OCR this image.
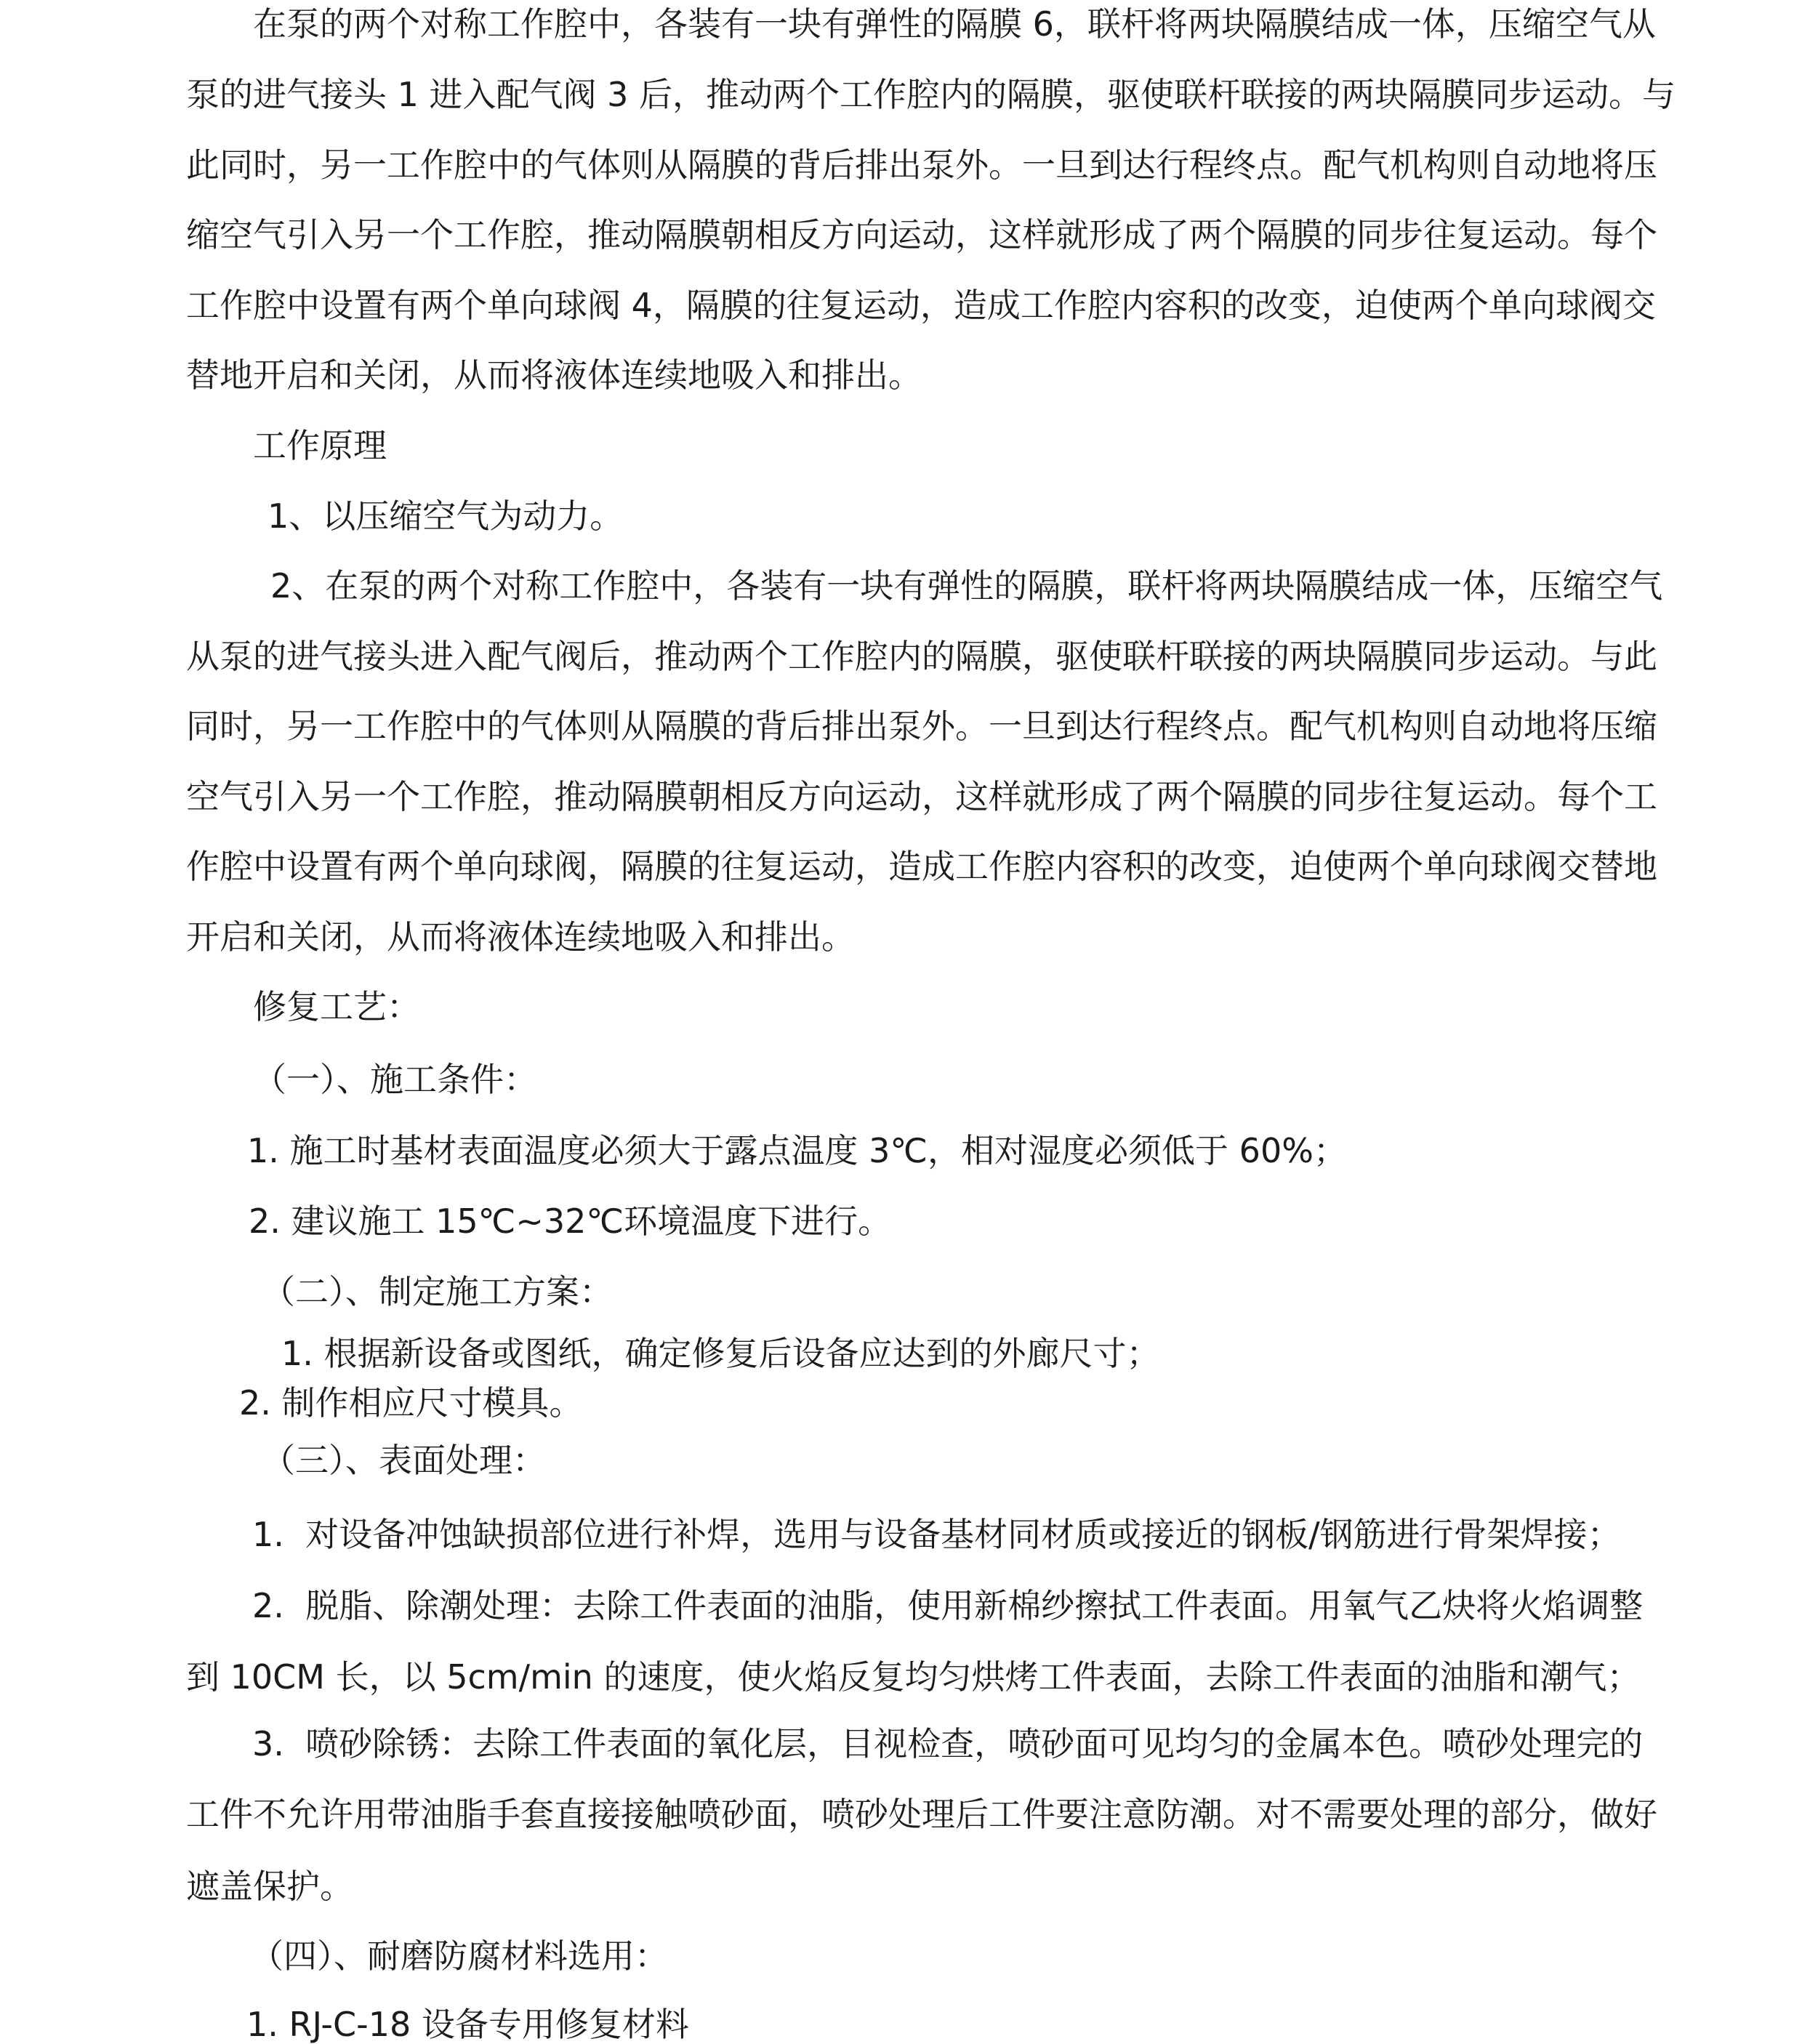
在泵的两个对称工作腔中，各装有一块有弹性的隔膜 6，联杆将两块隔膜结成一体，压缩空气从
泵的进气接头 1 进入配气阀 3 后，推动两个工作腔内的隔膜，驱使联杆联接的两块隔膜同步运动。与
此同时，另一工作腔中的气体则从隔膜的背后排出泵外。一旦到达行程终点。配气机构则自动地将压
缩空气引入另一个工作腔，推动隔膜朝相反方向运动，这样就形成了两个隔膜的同步往复运动。每个
工作腔中设置有两个单向球阀 4，隔膜的往复运动，造成工作腔内容积的改变，迫使两个单向球阀交
替地开启和关闭，从而将液体连续地吸入和排出。
工作原理
1、以压缩空气为动力。
2、在泵的两个对称工作腔中，各装有一块有弹性的隔膜，联杆将两块隔膜结成一体，压缩空气
从泵的进气接头进入配气阀后，推动两个工作腔内的隔膜，驱使联杆联接的两块隔膜同步运动。与此
同时，另一工作腔中的气体则从隔膜的背后排出泵外。一旦到达行程终点。配气机构则自动地将压缩
空气引入另一个工作腔，推动隔膜朝相反方向运动，这样就形成了两个隔膜的同步往复运动。每个工
作腔中设置有两个单向球阀，隔膜的往复运动，造成工作腔内容积的改变，迫使两个单向球阀交替地
开启和关闭，从而将液体连续地吸入和排出。
修复工艺：
（一）、施工条件：
1. 施工时基材表面温度必须大于露点温度 3℃，相对湿度必须低于 60%；
2. 建议施工 15℃~32℃环境温度下进行。
（二）、制定施工方案：
1. 根据新设备或图纸，确定修复后设备应达到的外廊尺寸；
2. 制作相应尺寸模具。
（三）、表面处理：
1.  对设备冲蚀缺损部位进行补焊，选用与设备基材同材质或接近的钢板/钢筋进行骨架焊接；
2.  脱脂、除潮处理：去除工件表面的油脂，使用新棉纱擦拭工件表面。用氧气乙炔将火焰调整
到 10CM 长，以 5cm/min 的速度，使火焰反复均匀烘烤工件表面，去除工件表面的油脂和潮气；
3.  喷砂除锈：去除工件表面的氧化层，目视检查，喷砂面可见均匀的金属本色。喷砂处理完的
工件不允许用带油脂手套直接接触喷砂面，喷砂处理后工件要注意防潮。对不需要处理的部分，做好
遮盖保护。
（四）、耐磨防腐材料选用：
1. RJ-C-18 设备专用修复材料
